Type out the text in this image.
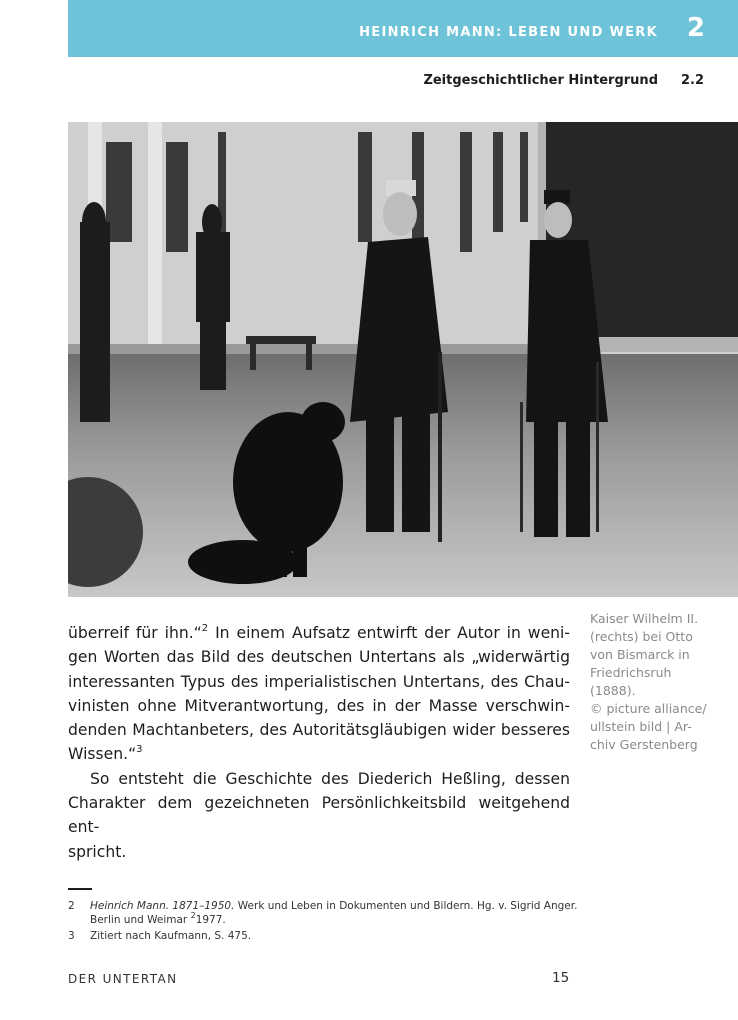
HEINRICH MANN: LEBEN UND WERK 2
Zeitgeschichtlicher Hintergrund 2.2

Kaiser Wilhelm II.
(rechts) bei Otto
von Bismarck in
Friedrichsruh
(1888).
© picture alliance/
ullstein bild | Ar-
chiv Gerstenberg

überreif für ihn.“$^2$ In einem Aufsatz entwirft der Autor in weni-
gen Worten das Bild des deutschen Untertans als „widerwärtig
interessanten Typus des imperialistischen Untertans, des Chau-
vinisten ohne Mitverantwortung, des in der Masse verschwin-
denden Machtanbeters, des Autoritätsgläubigen wider besseres
Wissen.“$^3$
So entsteht die Geschichte des Diederich Heßling, dessen
Charakter dem gezeichneten Persönlichkeitsbild weitgehend ent-
spricht.
2 Heinrich Mann. 1871–1950. Werk und Leben in Dokumenten und Bildern. Hg. v. Sigrid Anger.
Berlin und Weimar $^2$1977.
3 Zitiert nach Kaufmann, S. 475.
DER UNTERTAN	15
